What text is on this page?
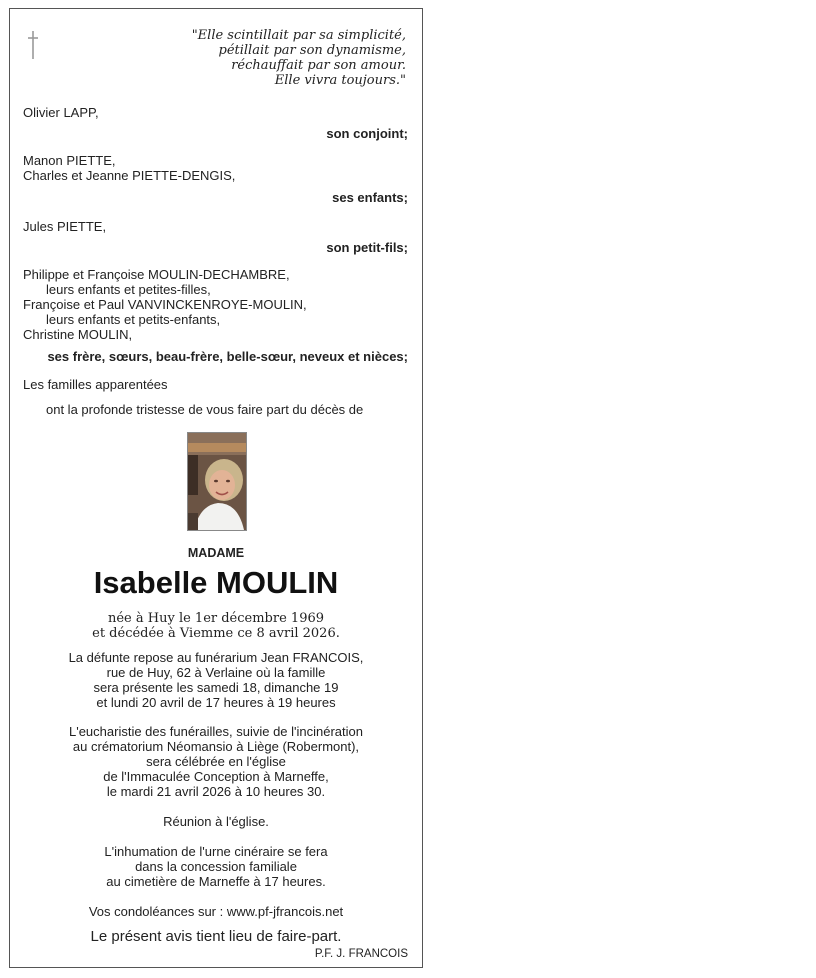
"Elle scintillait par sa simplicité,
pétillait par son dynamisme,
réchauffait par son amour.
Elle vivra toujours."
Olivier LAPP,
son conjoint;
Manon PIETTE,
Charles et Jeanne PIETTE-DENGIS,
ses enfants;
Jules PIETTE,
son petit-fils;
Philippe et Françoise MOULIN-DECHAMBRE,
leurs enfants et petites-filles,
Françoise et Paul VANVINCKENROYE-MOULIN,
leurs enfants et petits-enfants,
Christine MOULIN,
ses frère, sœurs, beau-frère, belle-sœur, neveux et nièces;
Les familles apparentées
ont la profonde tristesse de vous faire part du décès de
MADAME
Isabelle MOULIN
née à Huy le 1er décembre 1969
et décédée à Viemme ce 8 avril 2026.
La défunte repose au funérarium Jean FRANCOIS,
rue de Huy, 62 à Verlaine où la famille
sera présente les samedi 18, dimanche 19
et lundi 20 avril de 17 heures à 19 heures
L'eucharistie des funérailles, suivie de l'incinération
au crématorium Néomansio à Liège (Robermont),
sera célébrée en l'église
de l'Immaculée Conception à Marneffe,
le mardi 21 avril 2026 à 10 heures 30.
Réunion à l'église.
L'inhumation de l'urne cinéraire se fera
dans la concession familiale
au cimetière de Marneffe à 17 heures.
Vos condoléances sur : www.pf-jfrancois.net
Le présent avis tient lieu de faire-part.
P.F. J. FRANCOIS
